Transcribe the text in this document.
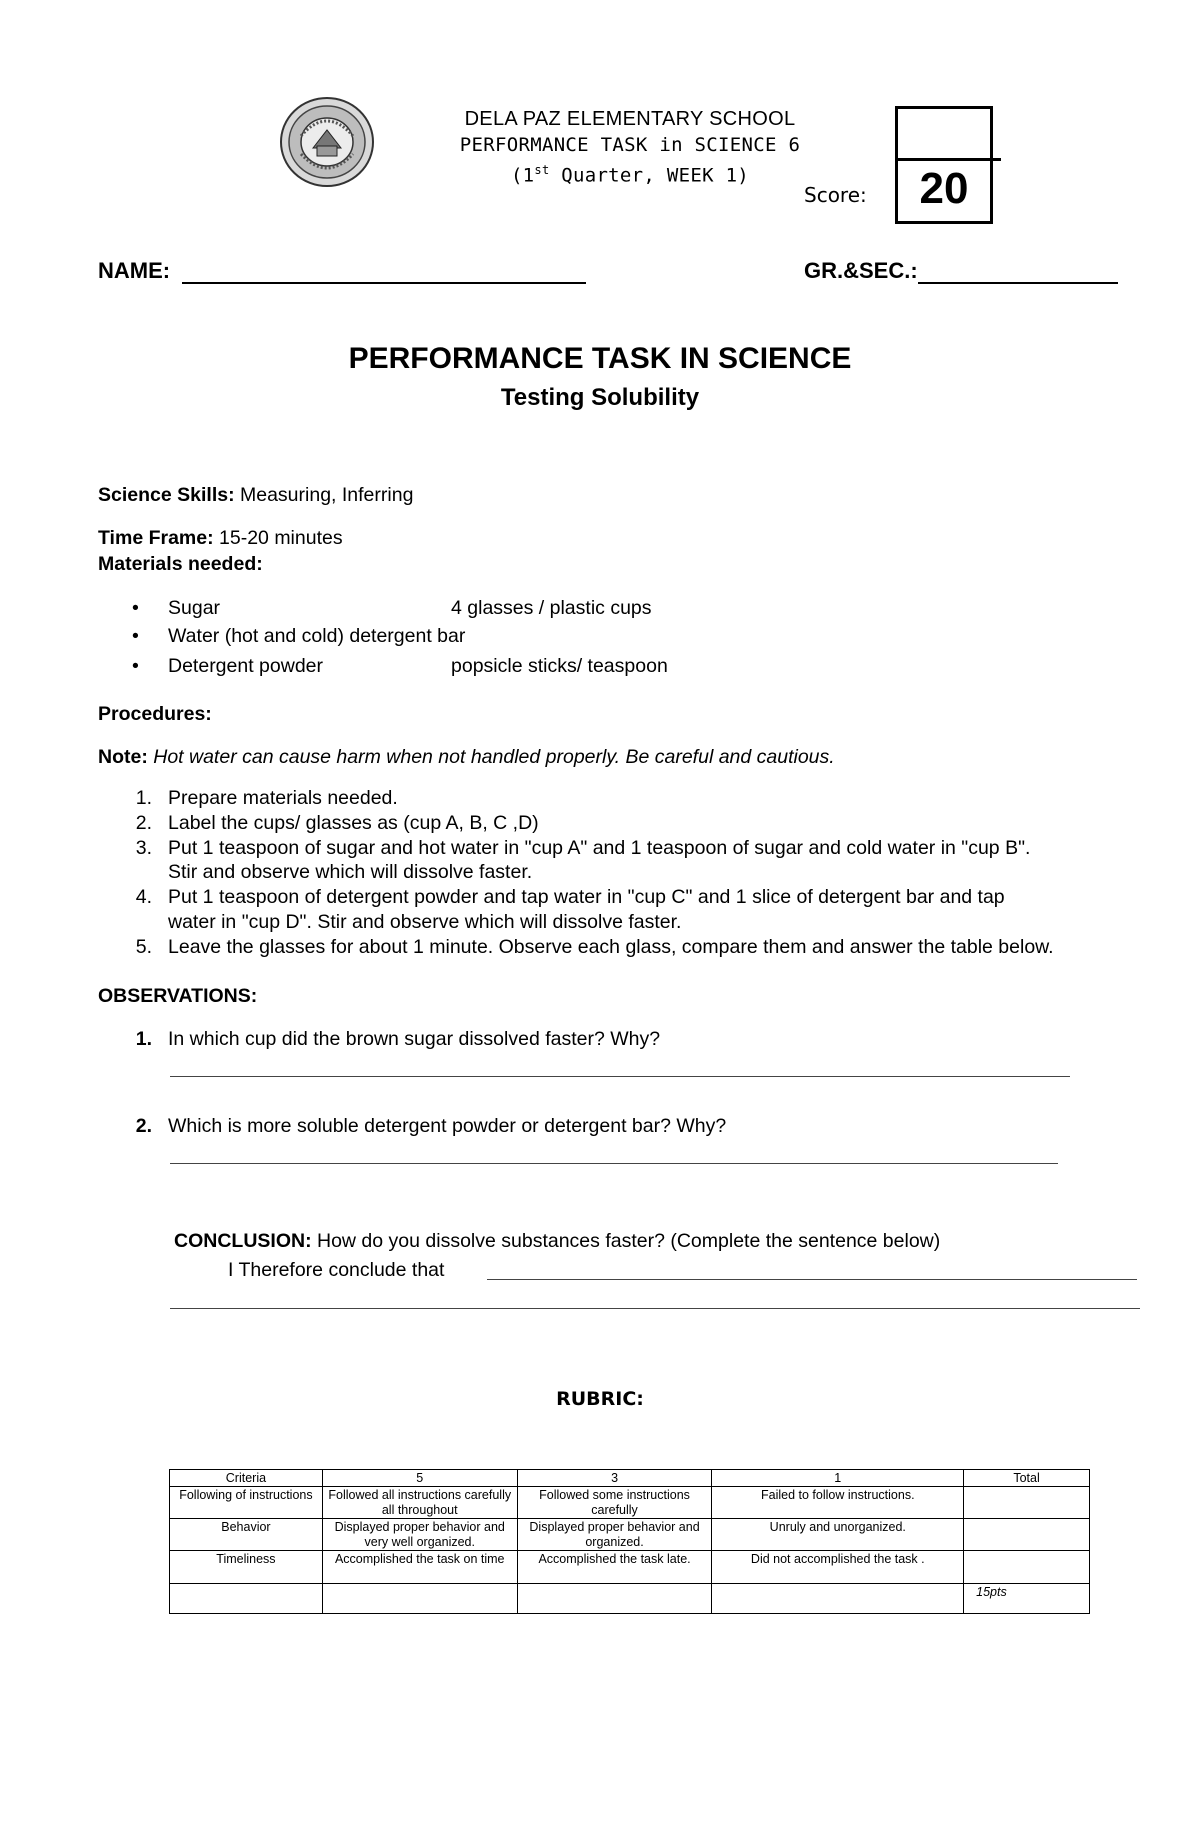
DELA PAZ ELEMENTARY SCHOOL
PERFORMANCE TASK in SCIENCE 6
(1st Quarter, WEEK 1)
Score:	20
NAME:	GR.&SEC.:
PERFORMANCE TASK IN SCIENCE
Testing Solubility
Science Skills: Measuring, Inferring
Time Frame: 15-20 minutes
Materials needed:
• Sugar	4 glasses / plastic cups
• Water (hot and cold) detergent bar
• Detergent powder	popsicle sticks/ teaspoon
Procedures:
Note: Hot water can cause harm when not handled properly. Be careful and cautious.
1. Prepare materials needed.
2. Label the cups/ glasses as (cup A, B, C ,D)
3. Put 1 teaspoon of sugar and hot water in "cup A" and 1 teaspoon of sugar and cold water in "cup B".
Stir and observe which will dissolve faster.
4. Put 1 teaspoon of detergent powder and tap water in "cup C" and 1 slice of detergent bar and tap
water in "cup D". Stir and observe which will dissolve faster.
5. Leave the glasses for about 1 minute. Observe each glass, compare them and answer the table below.
OBSERVATIONS:
1. In which cup did the brown sugar dissolved faster? Why?
2. Which is more soluble detergent powder or detergent bar? Why?
CONCLUSION: How do you dissolve substances faster? (Complete the sentence below)
I Therefore conclude that
RUBRIC:
Criteria	5	3	1	Total
Following of instructions	Followed all instructions carefully all throughout	Followed some instructions carefully	Failed to follow instructions.	
Behavior	Displayed proper behavior and very well organized.	Displayed proper behavior and organized.	Unruly and unorganized.	
Timeliness	Accomplished the task on time	Accomplished the task late.	Did not accomplished the task .	
				15pts
